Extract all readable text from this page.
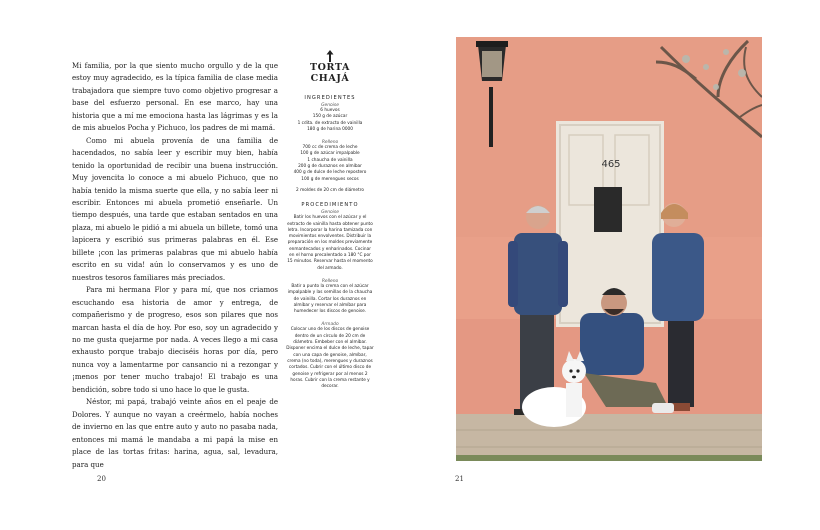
Mi familia, por la que siento mucho orgullo y de la que estoy muy agradecido, es la típica familia de clase media trabajadora que siempre tuvo como objetivo progresar a base del esfuerzo personal. En ese marco, hay una historia que a mí me emociona hasta las lágrimas y es la de mis abuelos Pocha y Pichuco, los padres de mi mamá.

Como mi abuela provenía de una familia de hacendados, no sabía leer y escribir muy bien, había tenido la oportunidad de recibir una buena instrucción. Muy jovencita lo conoce a mi abuelo Pichuco, que no había tenido la misma suerte que ella, y no sabía leer ni escribir. Entonces mi abuela prometió enseñarle. Un tiempo después, una tarde que estaban sentados en una plaza, mi abuelo le pidió a mi abuela un billete, tomó una lapicera y escribió sus primeras palabras en él. Ese billete ¡con las primeras palabras que mi abuelo había escrito en su vida! aún lo conservamos y es uno de nuestros tesoros familiares más preciados.

Para mi hermana Flor y para mí, que nos criamos escuchando esa historia de amor y entrega, de compañerismo y de progreso, esos son pilares que nos marcan hasta el día de hoy. Por eso, soy un agradecido y no me gusta quejarme por nada. A veces llego a mi casa exhausto porque trabajo dieciséis horas por día, pero nunca voy a lamentarme por cansancio ni a rezongar y ¡menos por tener mucho trabajo! El trabajo es una bendición, sobre todo si uno hace lo que le gusta.

Néstor, mi papá, trabajó veinte años en el peaje de Dolores. Y aunque no vayan a creérmelo, había noches de invierno en las que entre auto y auto no pasaba nada, entonces mi mamá le mandaba a mi papá la mise en place de las tortas fritas: harina, agua, sal, levadura, para que

20
TORTA
CHAJÁ
INGREDIENTES
Genoise
6 huevos
150 g de azúcar
1 cdita. de extracto de vainilla
180 g de harina 0000
Relleno
700 cc de crema de leche
100 g de azúcar impalpable
1 chaucha de vainilla
200 g de duraznos en almíbar
400 g de dulce de leche repostero
100 g de merengues secos
2 moldes de 20 cm de diámetro
PROCEDIMIENTO
Genoise
Batir los huevos con el azúcar y el extracto de vainilla hasta obtener punto letra. Incorporar la harina tamizada con movimientos envolventes. Distribuir la preparación en los moldes previamente enmantecados y enharinados. Cocinar en el horno precalentado a 180 °C por 15 minutos. Reservar hasta el momento del armado.
Relleno
Batir a punto la crema con el azúcar impalpable y las semillas de la chaucha de vainilla. Cortar los duraznos en almíbar y reservar el almíbar para humedecer los discos de genoise.
Armado
Colocar uno de los discos de genoise dentro de un círculo de 20 cm de diámetro. Embeber con el almíbar. Disponer encima el dulce de leche, tapar con una capa de genoise, almíbar, crema (no toda), merengues y duraznos cortados. Cubrir con el último disco de genoise y refrigerar por al menos 2 horas. Cubrir con la crema restante y decorar.
21
465
